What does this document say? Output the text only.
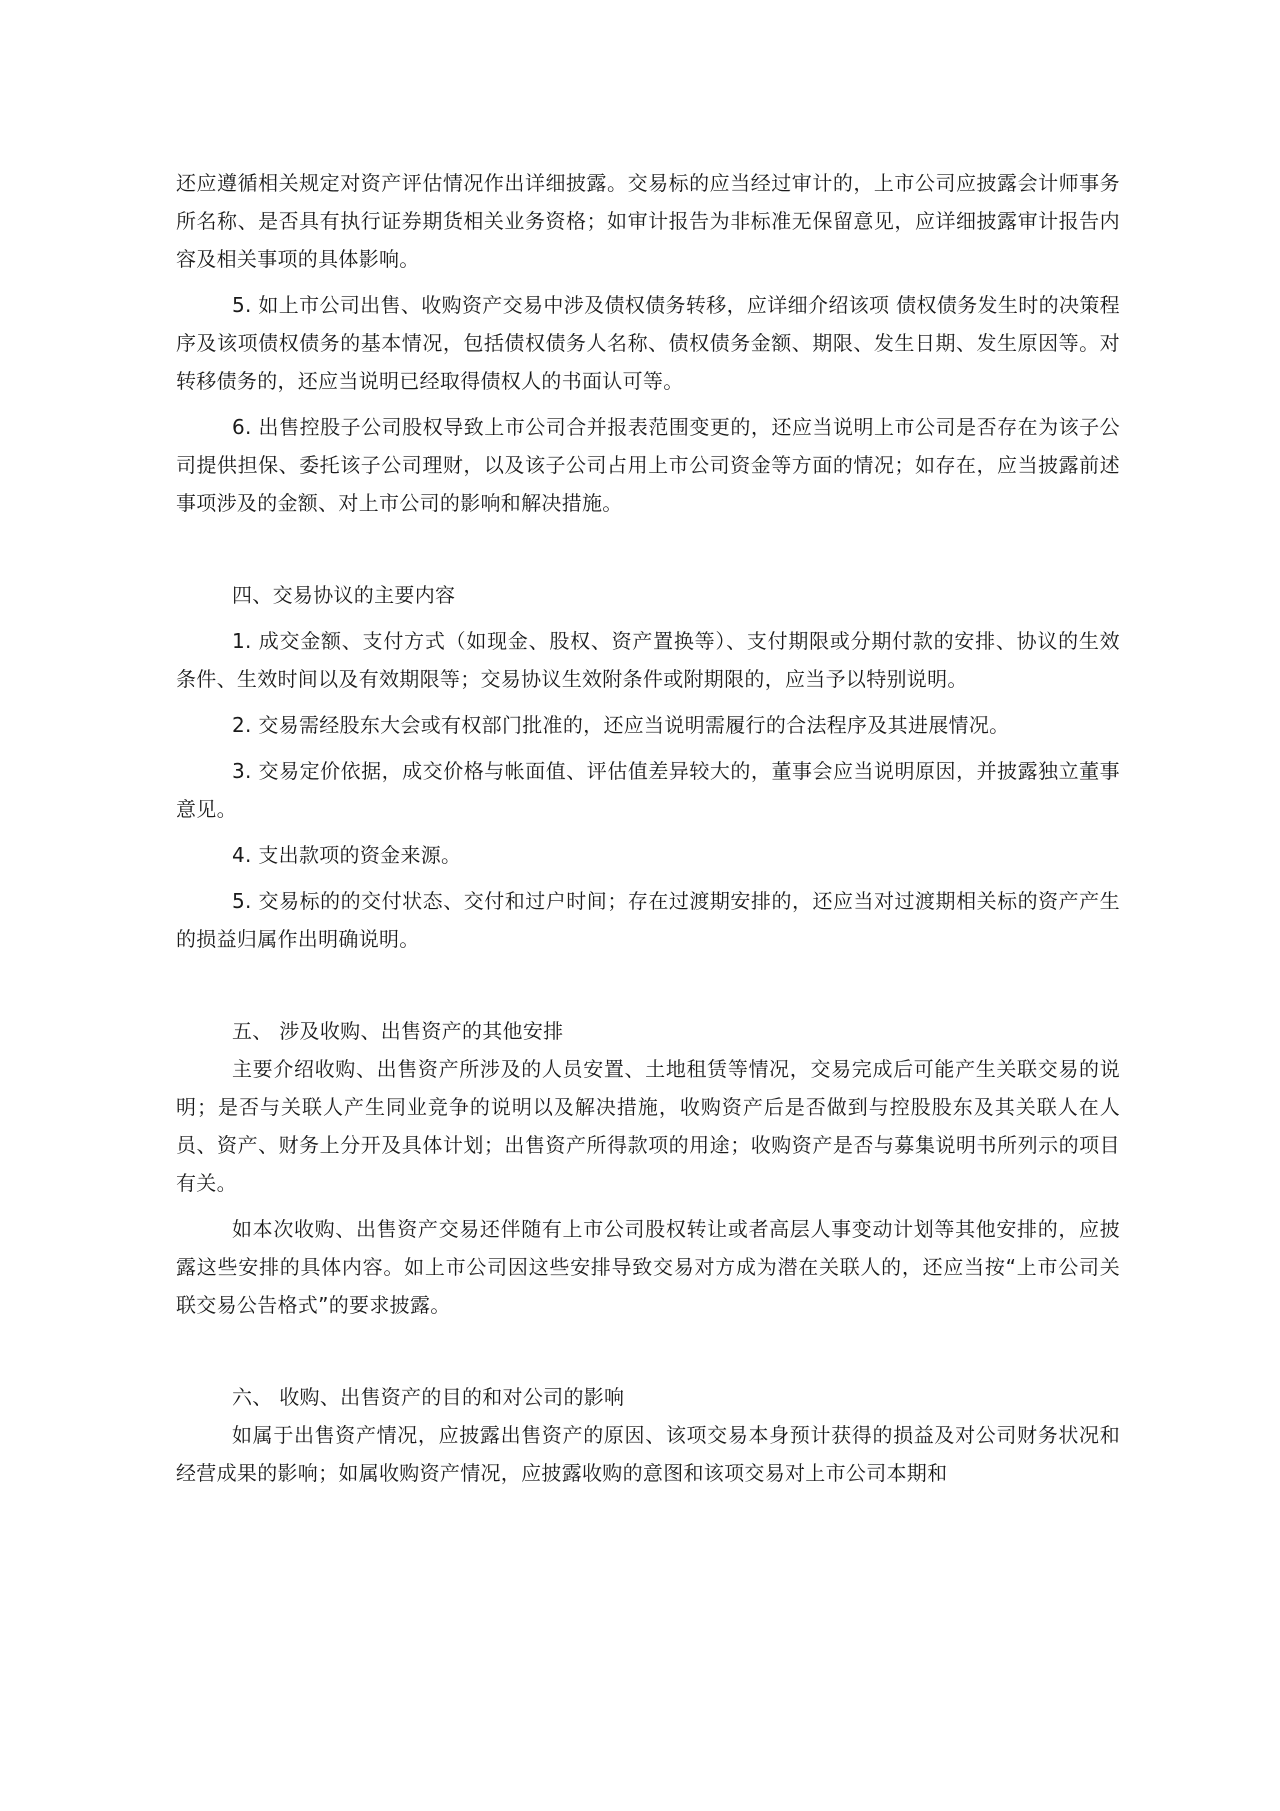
还应遵循相关规定对资产评估情况作出详细披露。交易标的应当经过审计的，上市公司应披露会计师事务所名称、是否具有执行证券期货相关业务资格；如审计报告为非标准无保留意见，应详细披露审计报告内容及相关事项的具体影响。

5. 如上市公司出售、收购资产交易中涉及债权债务转移，应详细介绍该项 债权债务发生时的决策程序及该项债权债务的基本情况，包括债权债务人名称、债权债务金额、期限、发生日期、发生原因等。对转移债务的，还应当说明已经取得债权人的书面认可等。

6. 出售控股子公司股权导致上市公司合并报表范围变更的，还应当说明上市公司是否存在为该子公司提供担保、委托该子公司理财，以及该子公司占用上市公司资金等方面的情况；如存在，应当披露前述事项涉及的金额、对上市公司的影响和解决措施。

四、交易协议的主要内容

1. 成交金额、支付方式（如现金、股权、资产置换等）、支付期限或分期付款的安排、协议的生效条件、生效时间以及有效期限等；交易协议生效附条件或附期限的，应当予以特别说明。

2. 交易需经股东大会或有权部门批准的，还应当说明需履行的合法程序及其进展情况。

3. 交易定价依据，成交价格与帐面值、评估值差异较大的，董事会应当说明原因，并披露独立董事意见。

4. 支出款项的资金来源。

5. 交易标的的交付状态、交付和过户时间；存在过渡期安排的，还应当对过渡期相关标的资产产生的损益归属作出明确说明。

五、 涉及收购、出售资产的其他安排

主要介绍收购、出售资产所涉及的人员安置、土地租赁等情况，交易完成后可能产生关联交易的说明；是否与关联人产生同业竞争的说明以及解决措施，收购资产后是否做到与控股股东及其关联人在人员、资产、财务上分开及具体计划；出售资产所得款项的用途；收购资产是否与募集说明书所列示的项目有关。

如本次收购、出售资产交易还伴随有上市公司股权转让或者高层人事变动计划等其他安排的，应披露这些安排的具体内容。如上市公司因这些安排导致交易对方成为潜在关联人的，还应当按“上市公司关联交易公告格式”的要求披露。

六、 收购、出售资产的目的和对公司的影响

如属于出售资产情况，应披露出售资产的原因、该项交易本身预计获得的损益及对公司财务状况和经营成果的影响；如属收购资产情况，应披露收购的意图和该项交易对上市公司本期和
